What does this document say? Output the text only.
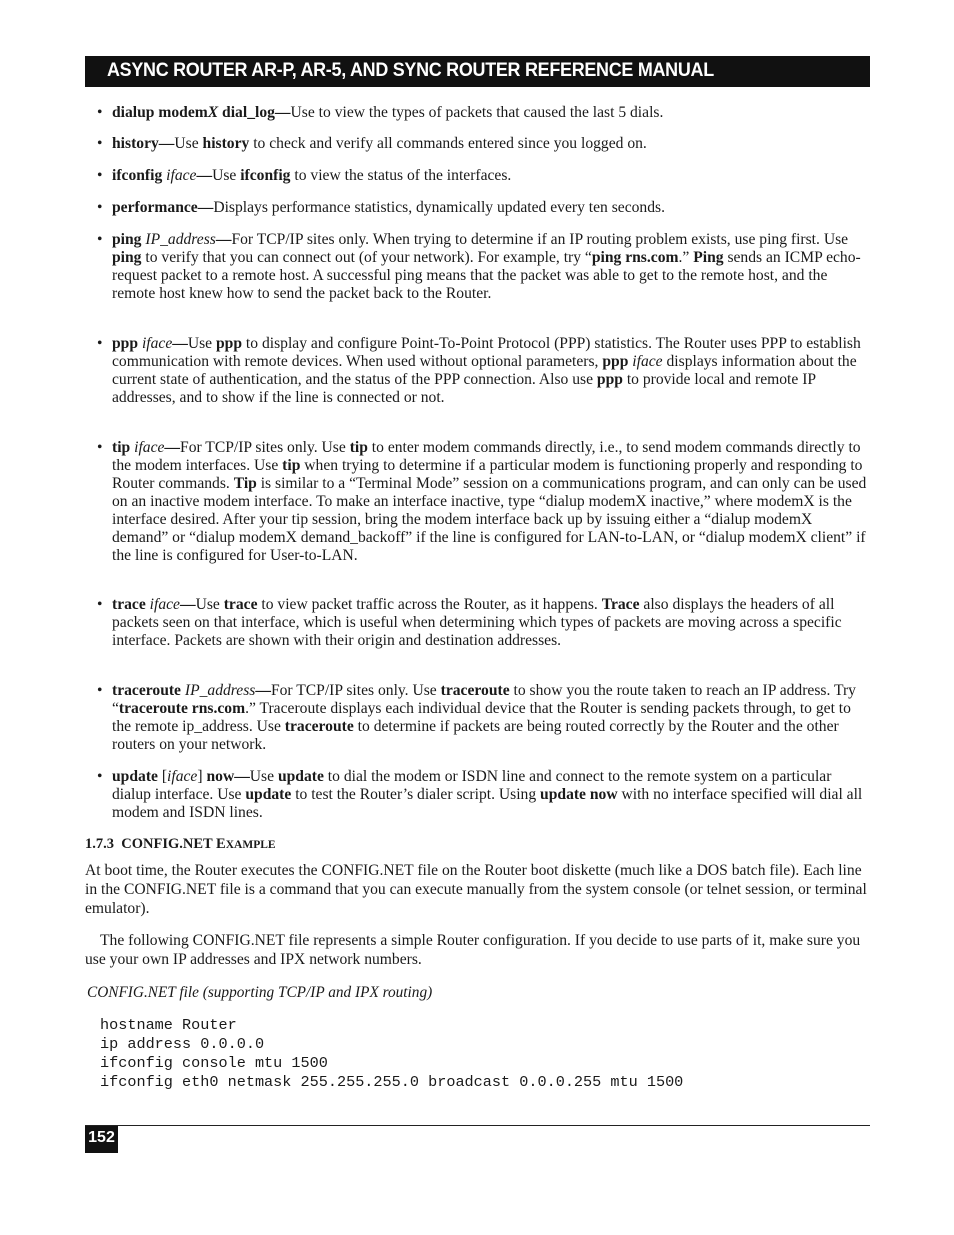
ASYNC ROUTER AR-P, AR-5, AND SYNC ROUTER REFERENCE MANUAL
• dialup modemX dial_log—Use to view the types of packets that caused the last 5 dials.
• history—Use history to check and verify all commands entered since you logged on.
• ifconfig iface—Use ifconfig to view the status of the interfaces.
• performance—Displays performance statistics, dynamically updated every ten seconds.
• ping IP_address—For TCP/IP sites only. When trying to determine if an IP routing problem exists, use ping first. Use ping to verify that you can connect out (of your network). For example, try “ping rns.com.” Ping sends an ICMP echo-request packet to a remote host. A successful ping means that the packet was able to get to the remote host, and the remote host knew how to send the packet back to the Router.
• ppp iface—Use ppp to display and configure Point-To-Point Protocol (PPP) statistics. The Router uses PPP to establish communication with remote devices. When used without optional parameters, ppp iface displays information about the current state of authentication, and the status of the PPP connection. Also use ppp to provide local and remote IP addresses, and to show if the line is connected or not.
• tip iface—For TCP/IP sites only. Use tip to enter modem commands directly, i.e., to send modem commands directly to the modem interfaces. Use tip when trying to determine if a particular modem is functioning properly and responding to Router commands. Tip is similar to a “Terminal Mode” session on a communications program, and can only can be used on an inactive modem interface. To make an interface inactive, type “dialup modemX inactive,” where modemX is the interface desired. After your tip session, bring the modem interface back up by issuing either a “dialup modemX demand” or “dialup modemX demand_backoff” if the line is configured for LAN-to-LAN, or “dialup modemX client” if the line is configured for User-to-LAN.
• trace iface—Use trace to view packet traffic across the Router, as it happens. Trace also displays the headers of all packets seen on that interface, which is useful when determining which types of packets are moving across a specific interface. Packets are shown with their origin and destination addresses.
• traceroute IP_address—For TCP/IP sites only. Use traceroute to show you the route taken to reach an IP address. Try “traceroute rns.com.” Traceroute displays each individual device that the Router is sending packets through, to get to the remote ip_address. Use traceroute to determine if packets are being routed correctly by the Router and the other routers on your network.
• update [iface] now—Use update to dial the modem or ISDN line and connect to the remote system on a particular dialup interface. Use update to test the Router’s dialer script. Using update now with no interface specified will dial all modem and ISDN lines.
1.7.3 CONFIG.NET EXAMPLE
At boot time, the Router executes the CONFIG.NET file on the Router boot diskette (much like a DOS batch file). Each line in the CONFIG.NET file is a command that you can execute manually from the system console (or telnet session, or terminal emulator).
The following CONFIG.NET file represents a simple Router configuration. If you decide to use parts of it, make sure you use your own IP addresses and IPX network numbers.
CONFIG.NET file (supporting TCP/IP and IPX routing)
hostname Router
ip address 0.0.0.0
ifconfig console mtu 1500
ifconfig eth0 netmask 255.255.255.0 broadcast 0.0.0.255 mtu 1500
152
